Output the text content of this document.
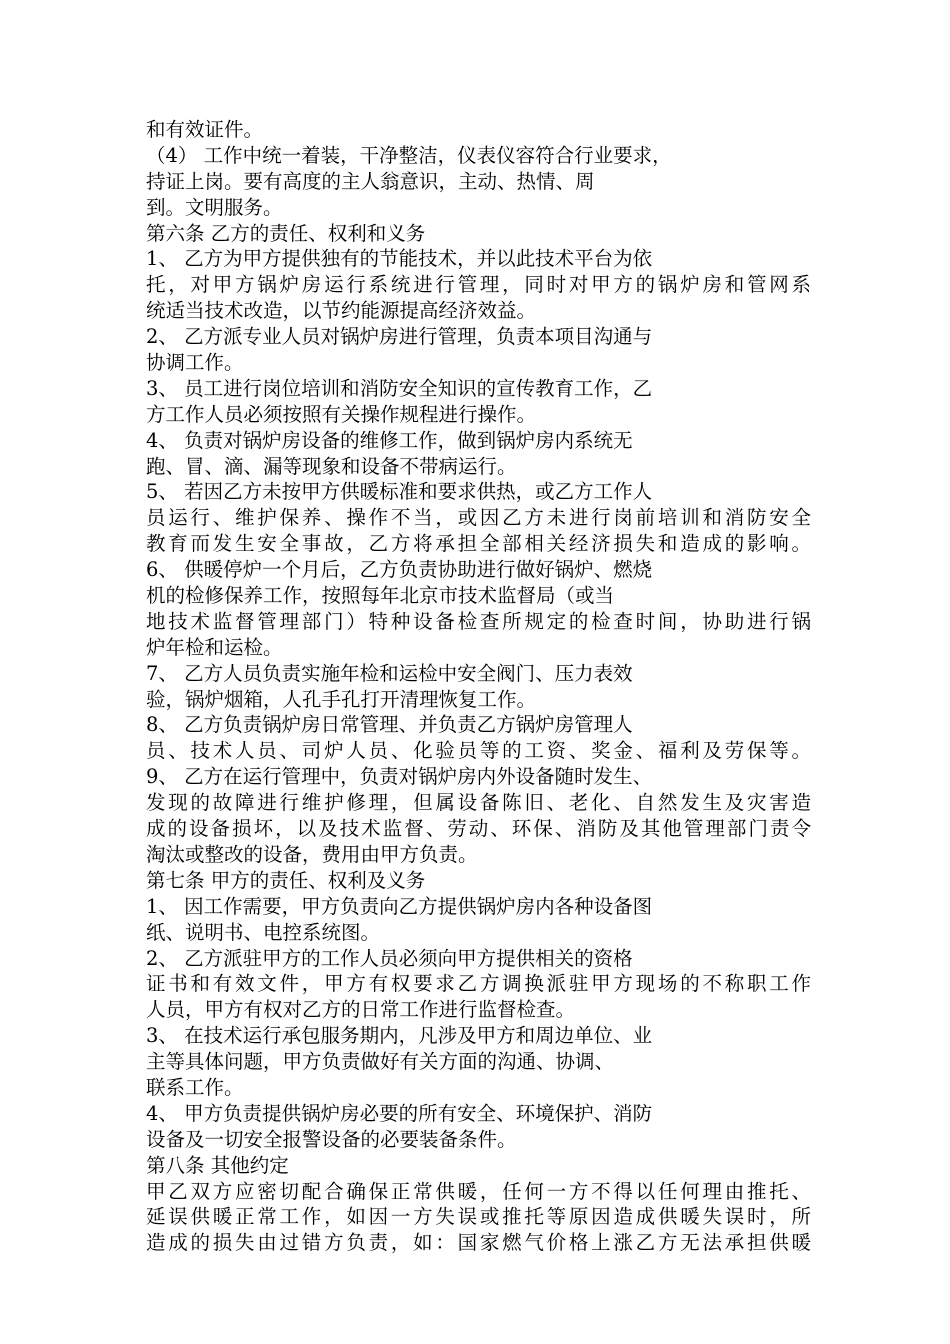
和有效证件。
（4） 工作中统一着装，干净整洁，仪表仪容符合行业要求，
持证上岗。要有高度的主人翁意识，主动、热情、周
到。文明服务。
第六条 乙方的责任、权利和义务
1、 乙方为甲方提供独有的节能技术，并以此技术平台为依
托，对甲方锅炉房运行系统进行管理，同时对甲方的锅炉房和管网系
统适当技术改造，以节约能源提高经济效益。
2、 乙方派专业人员对锅炉房进行管理，负责本项目沟通与
协调工作。
3、 员工进行岗位培训和消防安全知识的宣传教育工作，乙
方工作人员必须按照有关操作规程进行操作。
4、 负责对锅炉房设备的维修工作，做到锅炉房内系统无
跑、冒、滴、漏等现象和设备不带病运行。
5、 若因乙方未按甲方供暖标准和要求供热，或乙方工作人
员运行、维护保养、操作不当，或因乙方未进行岗前培训和消防安全
教育而发生安全事故，乙方将承担全部相关经济损失和造成的影响。
6、 供暖停炉一个月后，乙方负责协助进行做好锅炉、燃烧
机的检修保养工作，按照每年北京市技术监督局（或当
地技术监督管理部门）特种设备检查所规定的检查时间，协助进行锅
炉年检和运检。
7、 乙方人员负责实施年检和运检中安全阀门、压力表效
验，锅炉烟箱，人孔手孔打开清理恢复工作。
8、 乙方负责锅炉房日常管理、并负责乙方锅炉房管理人
员、技术人员、司炉人员、化验员等的工资、奖金、福利及劳保等。
9、 乙方在运行管理中，负责对锅炉房内外设备随时发生、
发现的故障进行维护修理，但属设备陈旧、老化、自然发生及灾害造
成的设备损坏，以及技术监督、劳动、环保、消防及其他管理部门责令
淘汰或整改的设备，费用由甲方负责。
第七条 甲方的责任、权利及义务
1、 因工作需要，甲方负责向乙方提供锅炉房内各种设备图
纸、说明书、电控系统图。
2、 乙方派驻甲方的工作人员必须向甲方提供相关的资格
证书和有效文件，甲方有权要求乙方调换派驻甲方现场的不称职工作
人员，甲方有权对乙方的日常工作进行监督检查。
3、 在技术运行承包服务期内，凡涉及甲方和周边单位、业
主等具体问题，甲方负责做好有关方面的沟通、协调、
联系工作。
4、 甲方负责提供锅炉房必要的所有安全、环境保护、消防
设备及一切安全报警设备的必要装备条件。
第八条 其他约定
甲乙双方应密切配合确保正常供暖，任何一方不得以任何理由推托、
延误供暖正常工作，如因一方失误或推托等原因造成供暖失误时，所
造成的损失由过错方负责，如：国家燃气价格上涨乙方无法承担供暖
